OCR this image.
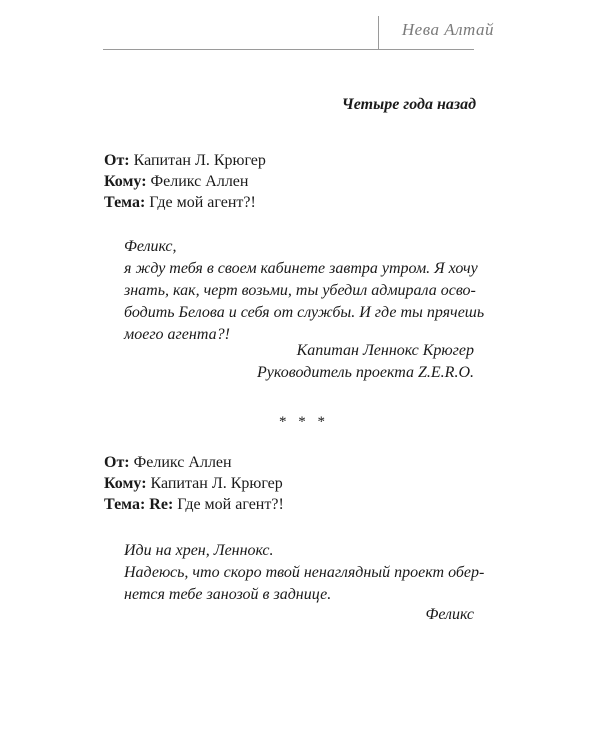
Нева Алтай
Четыре года назад
От: Капитан Л. Крюгер
Кому: Феликс Аллен
Тема: Где мой агент?!
Феликс,
я жду тебя в своем кабинете завтра утром. Я хочу
знать, как, черт возьми, ты убедил адмирала осво-
бодить Белова и себя от службы. И где ты прячешь
моего агента?!
Капитан Леннокс Крюгер
Руководитель проекта Z.E.R.O.
* * *
От: Феликс Аллен
Кому: Капитан Л. Крюгер
Тема: Re: Где мой агент?!
Иди на хрен, Леннокс.
Надеюсь, что скоро твой ненаглядный проект обер-
нется тебе занозой в заднице.
Феликс
